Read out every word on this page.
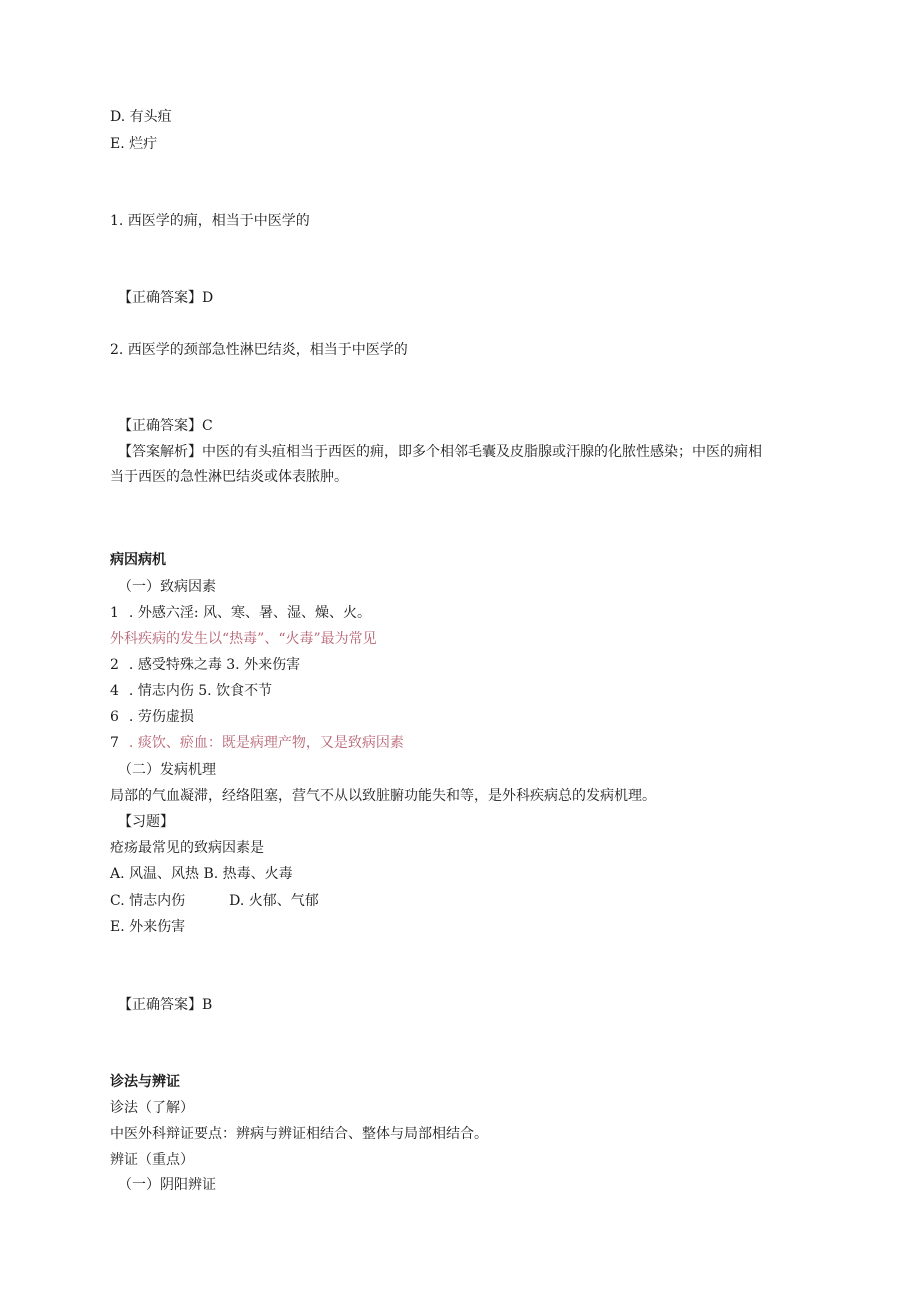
D. 有头疽

E. 烂疔

1. 西医学的痈，相当于中医学的

【正确答案】D

2. 西医学的颈部急性淋巴结炎，相当于中医学的

【正确答案】C

【答案解析】中医的有头疽相当于西医的痈，即多个相邻毛囊及皮脂腺或汗腺的化脓性感染；中医的痈相

当于西医的急性淋巴结炎或体表脓肿。

病因病机

（一）致病因素

1 . 外感六淫: 风、寒、暑、湿、燥、火。

外科疾病的发生以“热毒”、“火毒”最为常见

2 . 感受特殊之毒 3. 外来伤害

4 . 情志内伤 5. 饮食不节

6 . 劳伤虚损

7 . 痰饮、瘀血：既是病理产物，又是致病因素

（二）发病机理

局部的气血凝滞，经络阻塞，营气不从以致脏腑功能失和等，是外科疾病总的发病机理。

【习题】

疮疡最常见的致病因素是

A. 风温、风热 B. 热毒、火毒

C. 情志内伤	D. 火郁、气郁

E. 外来伤害

【正确答案】B

诊法与辨证

诊法（了解）

中医外科辩证要点：辨病与辨证相结合、整体与局部相结合。

辨证（重点）

（一）阴阳辨证
